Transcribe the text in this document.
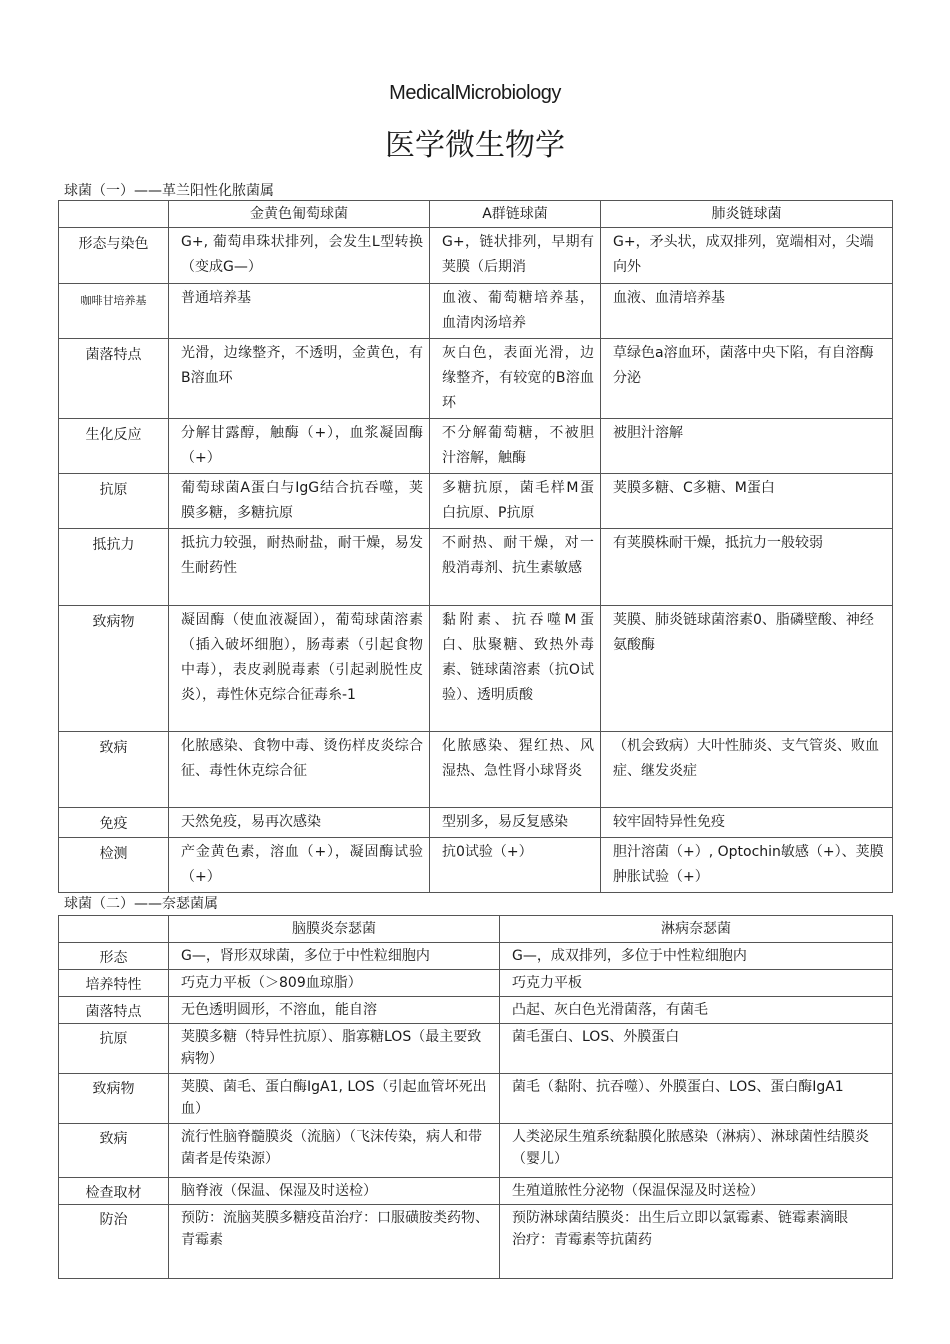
MedicalMicrobiology
医学微生物学
球菌（一）——革兰阳性化脓菌属
	金黄色匍萄球菌	A群链球菌	肺炎链球菌
形态与染色	G+, 葡萄串珠状排列，会发生L型转换（变成G—）	G+，链状排列，早期有荚膜（后期消	G+，矛头状，成双排列，宽端相对，尖端向外
咖啡甘培养基	普通培养基	血液、葡萄糖培养基，血清肉汤培养	血液、血清培养基
菌落特点	光滑，边缘整齐，不透明，金黄色，有B溶血环	灰白色，表面光滑，边缘整齐，有较宽的B溶血环	草绿色a溶血环，菌落中央下陷，有自溶酶分泌
生化反应	分解甘露醇，触酶（+），血浆凝固酶（+）	不分解葡萄糖，不被胆汁溶解，触酶	被胆汁溶解
抗原	葡萄球菌A蛋白与IgG结合抗吞噬，荚膜多糖，多糖抗原	多糖抗原，菌毛样M蛋白抗原、P抗原	荚膜多糖、C多糖、M蛋白
抵抗力	抵抗力较强，耐热耐盐，耐干燥，易发生耐药性	不耐热、耐干燥，对一般消毒剂、抗生素敏感	有荚膜株耐干燥，抵抗力一般较弱
致病物	凝固酶（使血液凝固），葡萄球菌溶素（插入破坏细胞），肠毒素（引起食物中毒），表皮剥脱毒素（引起剥脱性皮炎），毒性休克综合征毒糸-1	黏附素、抗吞噬M蛋白、肽聚糖、致热外毒素、链球菌溶素（抗O试验）、透明质酸	荚膜、肺炎链球菌溶素0、脂磷壁酸、神经氨酸酶
致病	化脓感染、食物中毒、烫伤样皮炎综合征、毒性休克综合征	化脓感染、猩红热、风湿热、急性肾小球肾炎	（机会致病）大叶性肺炎、支气管炎、败血症、继发炎症
免疫	天然免疫，易再次感染	型别多，易反复感染	较牢固特异性免疫
检测	产金黄色素，溶血（+），凝固酶试验（+）	抗0试验（+）	胆汁溶菌（+）, Optochin敏感（+）、荚膜肿胀试验（+）
球菌（二）——奈瑟菌属
	脑膜炎奈瑟菌	淋病奈瑟菌
形态	G—，肾形双球菌，多位于中性粒细胞内	G—，成双排列，多位于中性粒细胞内
培养特性	巧克力平板（＞809血琼脂）	巧克力平板
菌落特点	无色透明圆形，不溶血，能自溶	凸起、灰白色光滑菌落，有菌毛
抗原	荚膜多糖（特异性抗原）、脂寡糖LOS（最主要致病物）	菌毛蛋白、LOS、外膜蛋白
致病物	荚膜、菌毛、蛋白酶IgA1, LOS（引起血管坏死出血）	菌毛（黏附、抗吞噬）、外膜蛋白、LOS、蛋白酶IgA1
致病	流行性脑脊髓膜炎（流脑）（飞沫传染，病人和带菌者是传染源）	人类泌尿生殖系统黏膜化脓感染（淋病）、淋球菌性结膜炎（婴儿）
检查取材	脑脊液（保温、保湿及时送检）	生殖道脓性分泌物（保温保湿及时送检）
防治	预防：流脑荚膜多糖疫苗治疗：口服磺胺类药物、青霉素	预防淋球菌结膜炎：出生后立即以氯霉素、链霉素滴眼
治疗：青霉素等抗菌药
